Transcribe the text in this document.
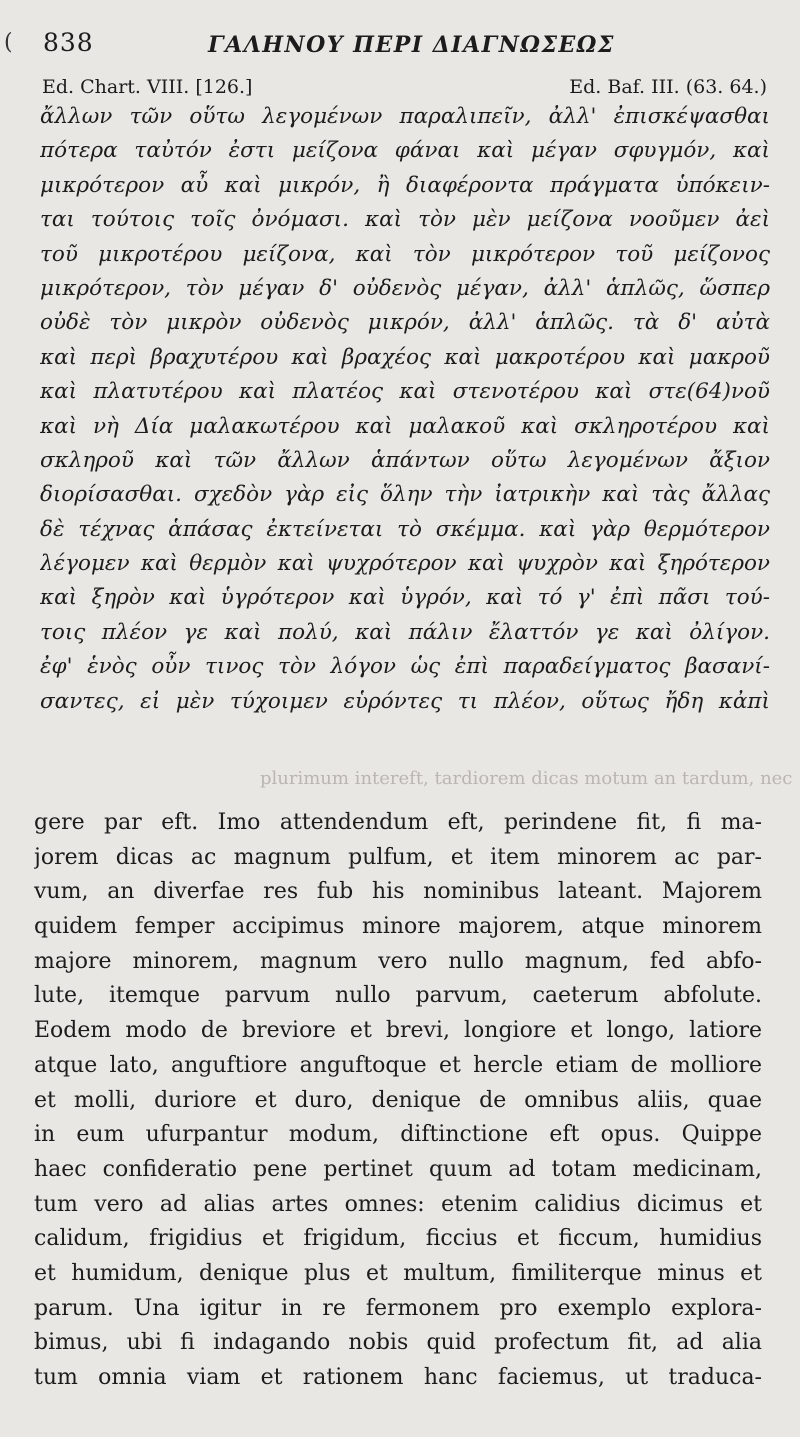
( 838	ΓΑΛΗΝΟΥ ΠΕΡΙ ΔΙΑΓΝΩΣΕΩΣ
Ed. Chart. VIII. [126.]	Ed. Baf. III. (63. 64.)
ἄλλων τῶν οὕτω λεγομένων παραλιπεῖν, ἀλλ' ἐπισκέψασθαι
πότερα ταὐτόν ἐστι μείζονα φάναι καὶ μέγαν σφυγμόν, καὶ
μικρότερον αὖ καὶ μικρόν, ἢ διαφέροντα πράγματα ὑπόκειν-
ται τούτοις τοῖς ὀνόμασι. καὶ τὸν μὲν μείζονα νοοῦμεν ἀεὶ
τοῦ μικροτέρου μείζονα, καὶ τὸν μικρότερον τοῦ μείζονος
μικρότερον, τὸν μέγαν δ' οὐδενὸς μέγαν, ἀλλ' ἁπλῶς, ὥσπερ
οὐδὲ τὸν μικρὸν οὐδενὸς μικρόν, ἀλλ' ἁπλῶς. τὰ δ' αὐτὰ
καὶ περὶ βραχυτέρου καὶ βραχέος καὶ μακροτέρου καὶ μακροῦ
καὶ πλατυτέρου καὶ πλατέος καὶ στενοτέρου καὶ στε(64)νοῦ
καὶ νὴ Δία μαλακωτέρου καὶ μαλακοῦ καὶ σκληροτέρου καὶ
σκληροῦ καὶ τῶν ἄλλων ἁπάντων οὕτω λεγομένων ἄξιον
διορίσασθαι. σχεδὸν γὰρ εἰς ὅλην τὴν ἰατρικὴν καὶ τὰς ἄλλας
δὲ τέχνας ἁπάσας ἐκτείνεται τὸ σκέμμα. καὶ γὰρ θερμότερον
λέγομεν καὶ θερμὸν καὶ ψυχρότερον καὶ ψυχρὸν καὶ ξηρότερον
καὶ ξηρὸν καὶ ὑγρότερον καὶ ὑγρόν, καὶ τό γ' ἐπὶ πᾶσι τού-
τοις πλέον γε καὶ πολύ, καὶ πάλιν ἔλαττόν γε καὶ ὀλίγον.
ἐφ' ἑνὸς οὖν τινος τὸν λόγον ὡς ἐπὶ παραδείγματος βασανί-
σαντες, εἰ μὲν τύχοιμεν εὑρόντες τι πλέον, οὕτως ἤδη κἀπὶ
plurimum intereft, tardiorem dicas motum an tardum, nec
gere par eft. Imo attendendum eft, perindene fit, fi ma-
jorem dicas ac magnum pulfum, et item minorem ac par-
vum, an diverfae res fub his nominibus lateant. Majorem
quidem femper accipimus minore majorem, atque minorem
majore minorem, magnum vero nullo magnum, fed abfo-
lute, itemque parvum nullo parvum, caeterum abfolute.
Eodem modo de breviore et brevi, longiore et longo, latiore
atque lato, anguftiore anguftoque et hercle etiam de molliore
et molli, duriore et duro, denique de omnibus aliis, quae
in eum ufurpantur modum, diftinctione eft opus. Quippe
haec confideratio pene pertinet quum ad totam medicinam,
tum vero ad alias artes omnes: etenim calidius dicimus et
calidum, frigidius et frigidum, ficcius et ficcum, humidius
et humidum, denique plus et multum, fimiliterque minus et
parum. Una igitur in re fermonem pro exemplo explora-
bimus, ubi fi indagando nobis quid profectum fit, ad alia
tum omnia viam et rationem hanc faciemus, ut traduca-
